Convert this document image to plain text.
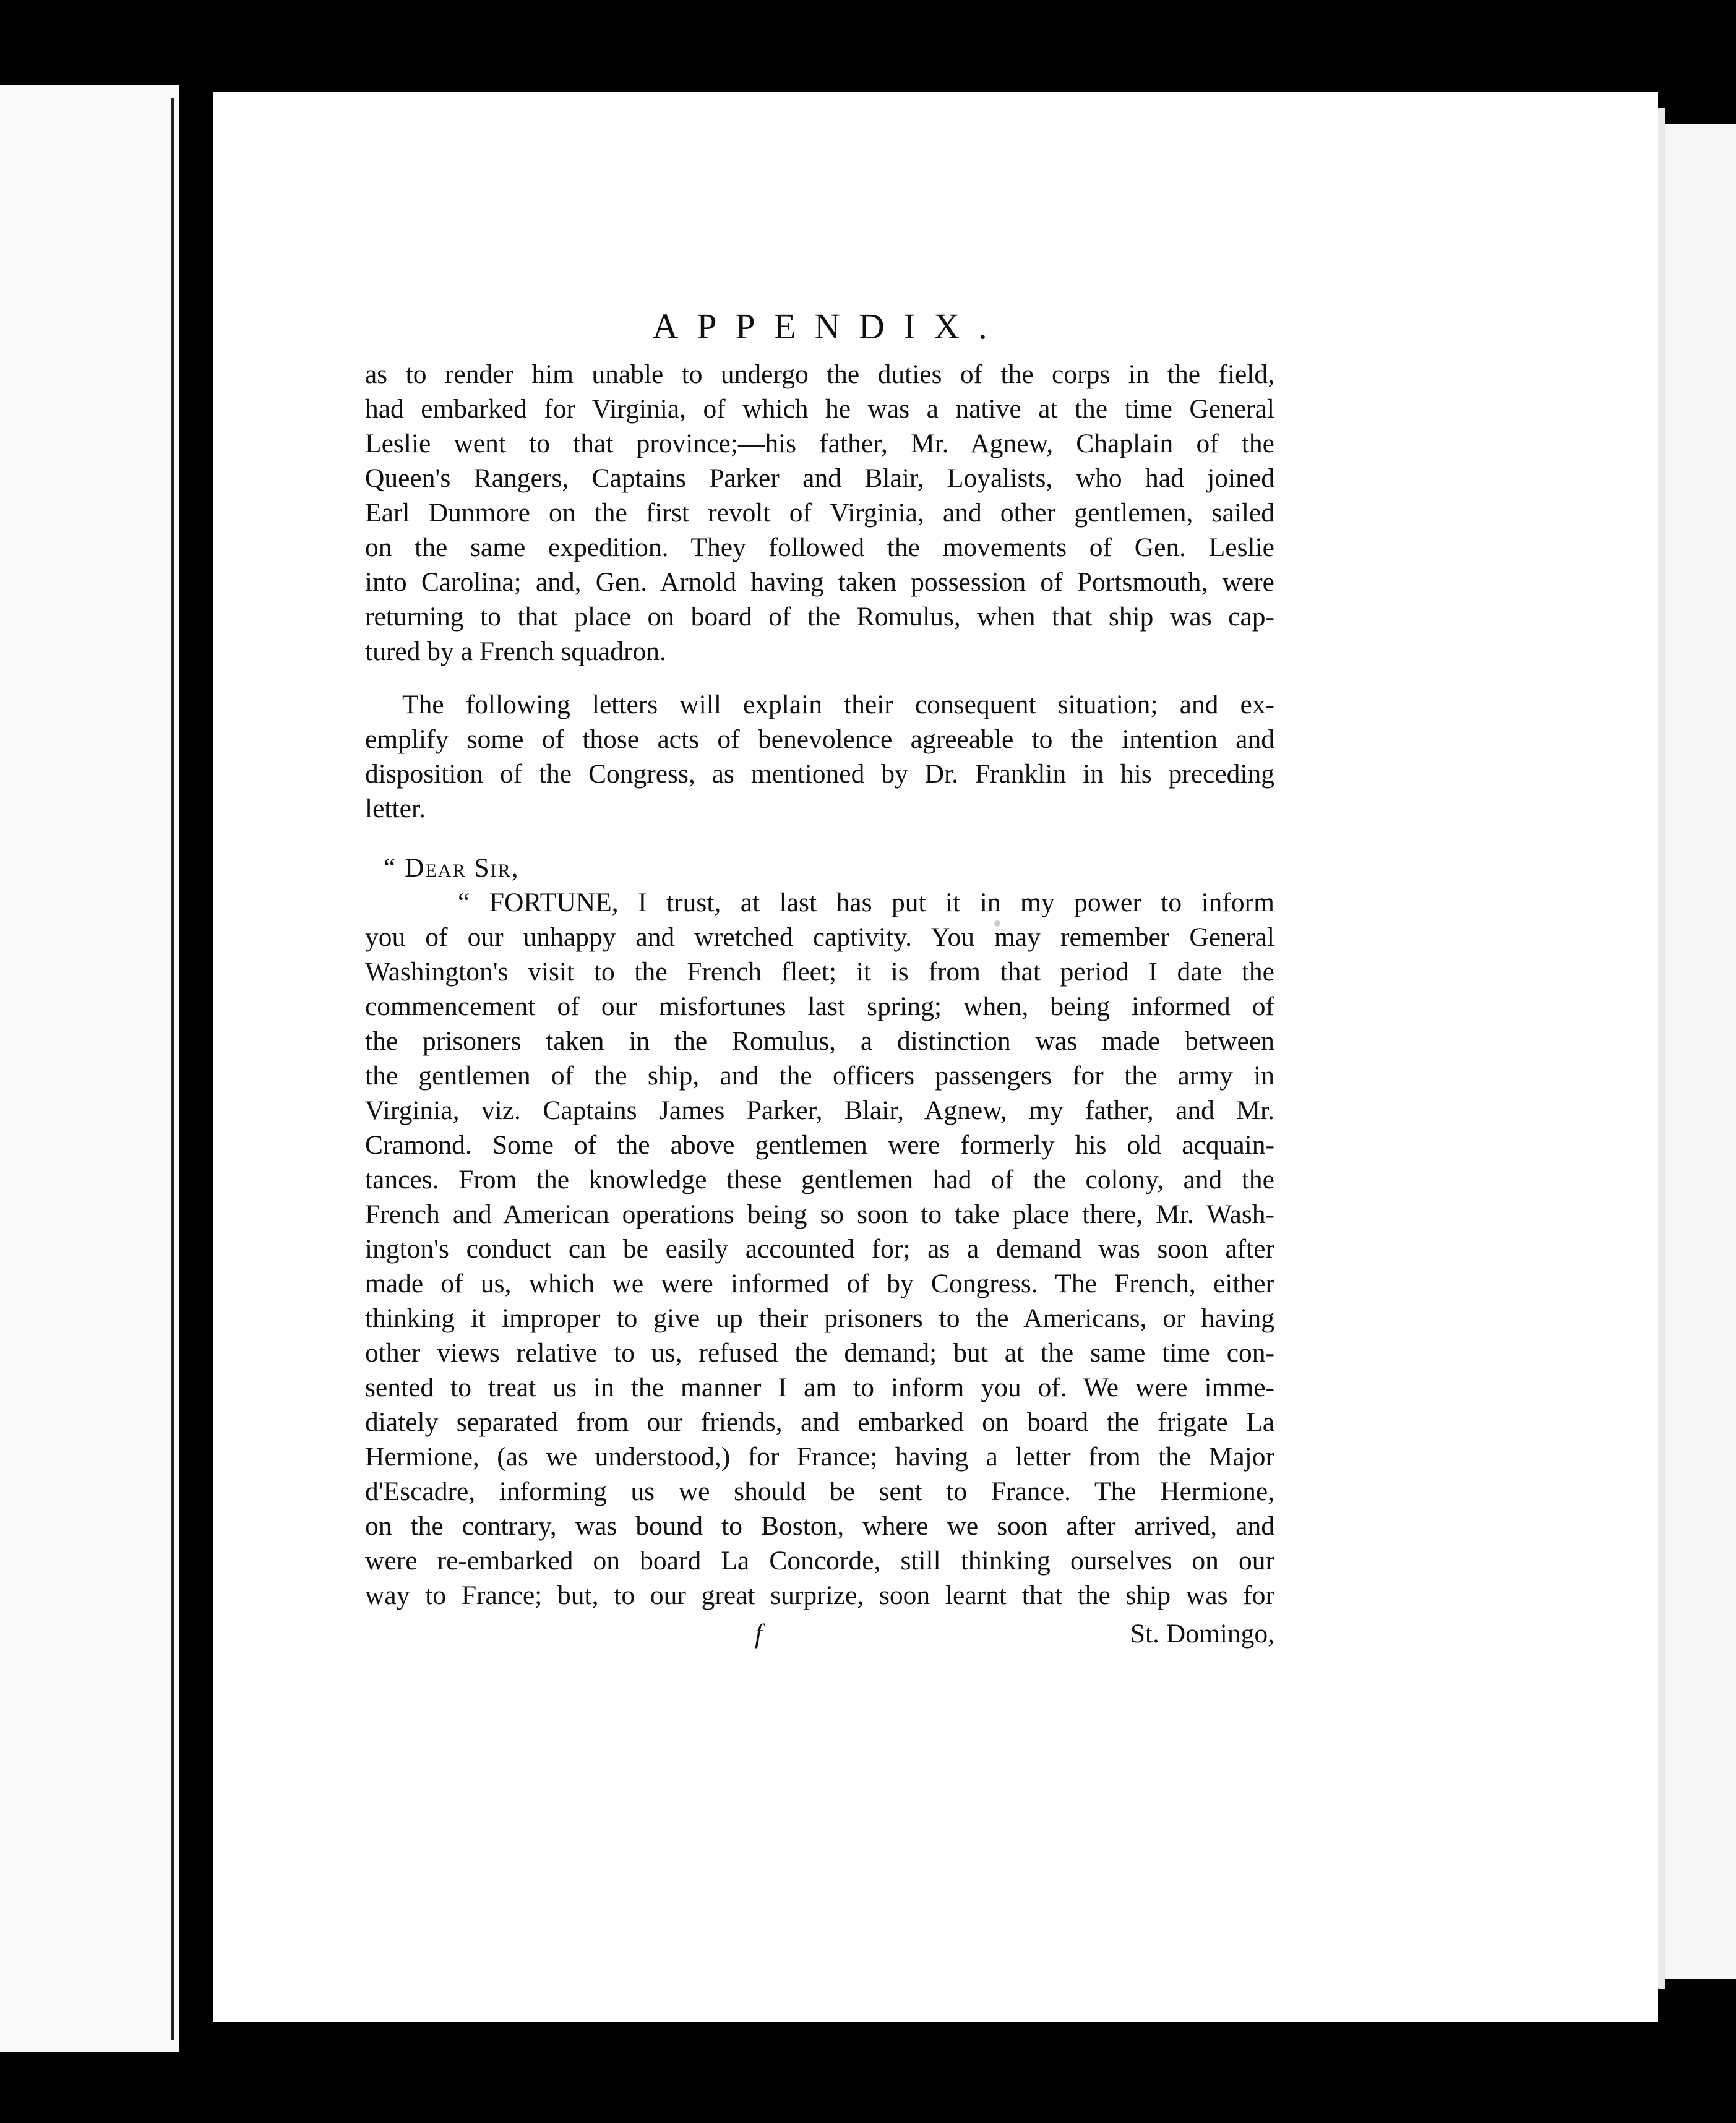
APPENDIX.
as to render him unable to undergo the duties of the corps in the field,
had embarked for Virginia, of which he was a native at the time General
Leslie went to that province;—his father, Mr. Agnew, Chaplain of the
Queen's Rangers, Captains Parker and Blair, Loyalists, who had joined
Earl Dunmore on the first revolt of Virginia, and other gentlemen, sailed
on the same expedition. They followed the movements of Gen. Leslie
into Carolina; and, Gen. Arnold having taken possession of Portsmouth, were
returning to that place on board of the Romulus, when that ship was cap-
tured by a French squadron.
The following letters will explain their consequent situation; and ex-
emplify some of those acts of benevolence agreeable to the intention and
disposition of the Congress, as mentioned by Dr. Franklin in his preceding
letter.
“ Dear Sir,
“ FORTUNE, I trust, at last has put it in my power to inform
you of our unhappy and wretched captivity. You may remember General
Washington's visit to the French fleet; it is from that period I date the
commencement of our misfortunes last spring; when, being informed of
the prisoners taken in the Romulus, a distinction was made between
the gentlemen of the ship, and the officers passengers for the army in
Virginia, viz. Captains James Parker, Blair, Agnew, my father, and Mr.
Cramond. Some of the above gentlemen were formerly his old acquain-
tances. From the knowledge these gentlemen had of the colony, and the
French and American operations being so soon to take place there, Mr. Wash-
ington's conduct can be easily accounted for; as a demand was soon after
made of us, which we were informed of by Congress. The French, either
thinking it improper to give up their prisoners to the Americans, or having
other views relative to us, refused the demand; but at the same time con-
sented to treat us in the manner I am to inform you of. We were imme-
diately separated from our friends, and embarked on board the frigate La
Hermione, (as we understood,) for France; having a letter from the Major
d'Escadre, informing us we should be sent to France. The Hermione,
on the contrary, was bound to Boston, where we soon after arrived, and
were re-embarked on board La Concorde, still thinking ourselves on our
way to France; but, to our great surprize, soon learnt that the ship was for
f	St. Domingo,
